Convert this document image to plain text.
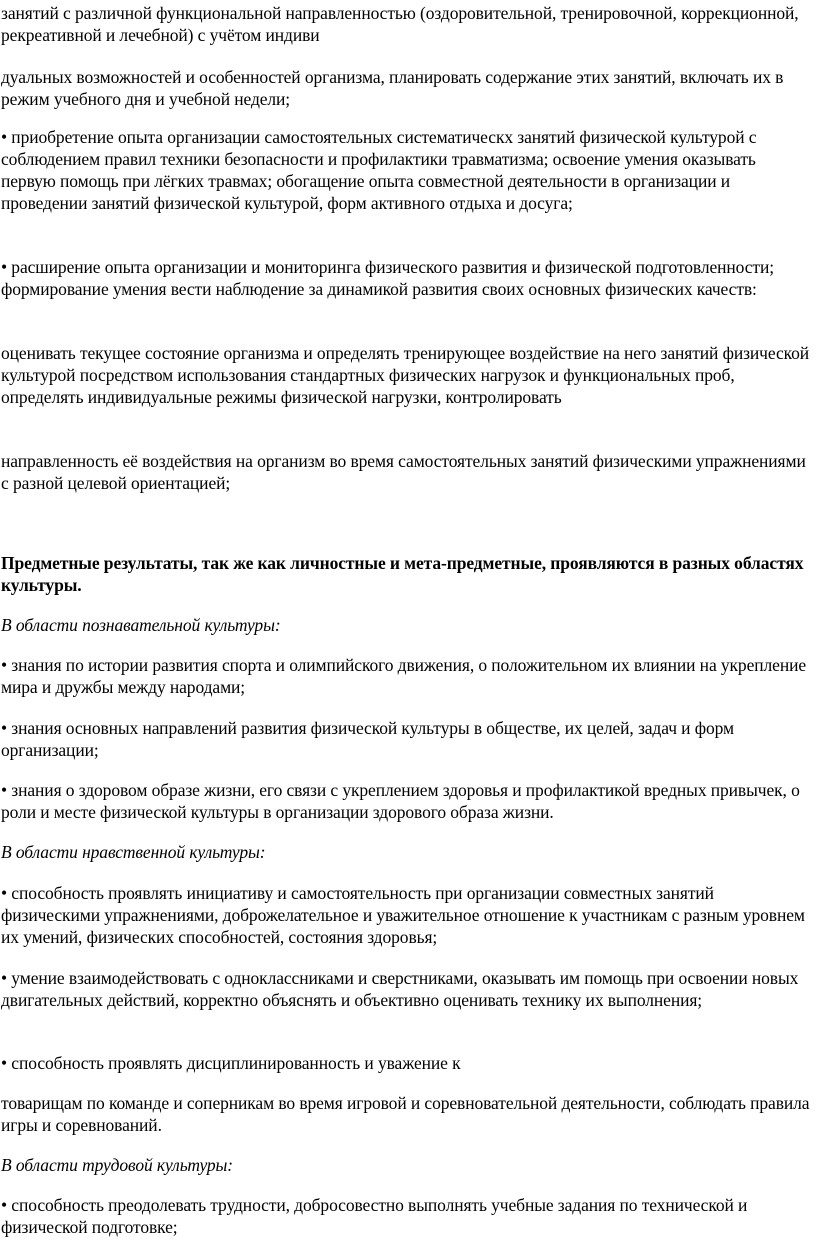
занятий с различной функциональной направленностью (оздоровительной, тренировочной, коррекционной, рекреативной и лечебной) с учётом индиви

дуальных возможностей и особенностей организма, планировать содержание этих занятий, включать их в режим учебного дня и учебной недели;

• приобретение опыта организации самостоятельных систематическх занятий физической культурой с соблюдением правил техники безопасности и профилактики травматизма; освоение умения оказывать первую помощь при лёгких травмах; обогащение опыта совместной деятельности в организации и проведении занятий физической культурой, форм активного отдыха и досуга;

• расширение опыта организации и мониторинга физического развития и физической подготовленности; формирование умения вести наблюдение за динамикой развития своих основных физических качеств:

оценивать текущее состояние организма и определять тренирующее воздействие на него занятий физической культурой посредством использования стандартных физических нагрузок и функциональных проб, определять индивидуальные режимы физической нагрузки, контролировать

направленность её воздействия на организм во время самостоятельных занятий физическими упражнениями с разной целевой ориентацией;

Предметные результаты, так же как личностные и мета-предметные, проявляются в разных областях культуры.

В области познавательной культуры:

• знания по истории развития спорта и олимпийского движения, о положительном их влиянии на укрепление мира и дружбы между народами;

• знания основных направлений развития физической культуры в обществе, их целей, задач и форм организации;

• знания о здоровом образе жизни, его связи с укреплением здоровья и профилактикой вредных привычек, о роли и месте физической культуры в организации здорового образа жизни.

В области нравственной культуры:

• способность проявлять инициативу и самостоятельность при организации совместных занятий физическими упражнениями, доброжелательное и уважительное отношение к участникам с разным уровнем их умений, физических способностей, состояния здоровья;

• умение взаимодействовать с одноклассниками и сверстниками, оказывать им помощь при освоении новых двигательных действий, корректно объяснять и объективно оценивать технику их выполнения;

• способность проявлять дисциплинированность и уважение к

товарищам по команде и соперникам во время игровой и соревновательной деятельности, соблюдать правила игры и соревнований.

В области трудовой культуры:

• способность преодолевать трудности, добросовестно выполнять учебные задания по технической и физической подготовке;
